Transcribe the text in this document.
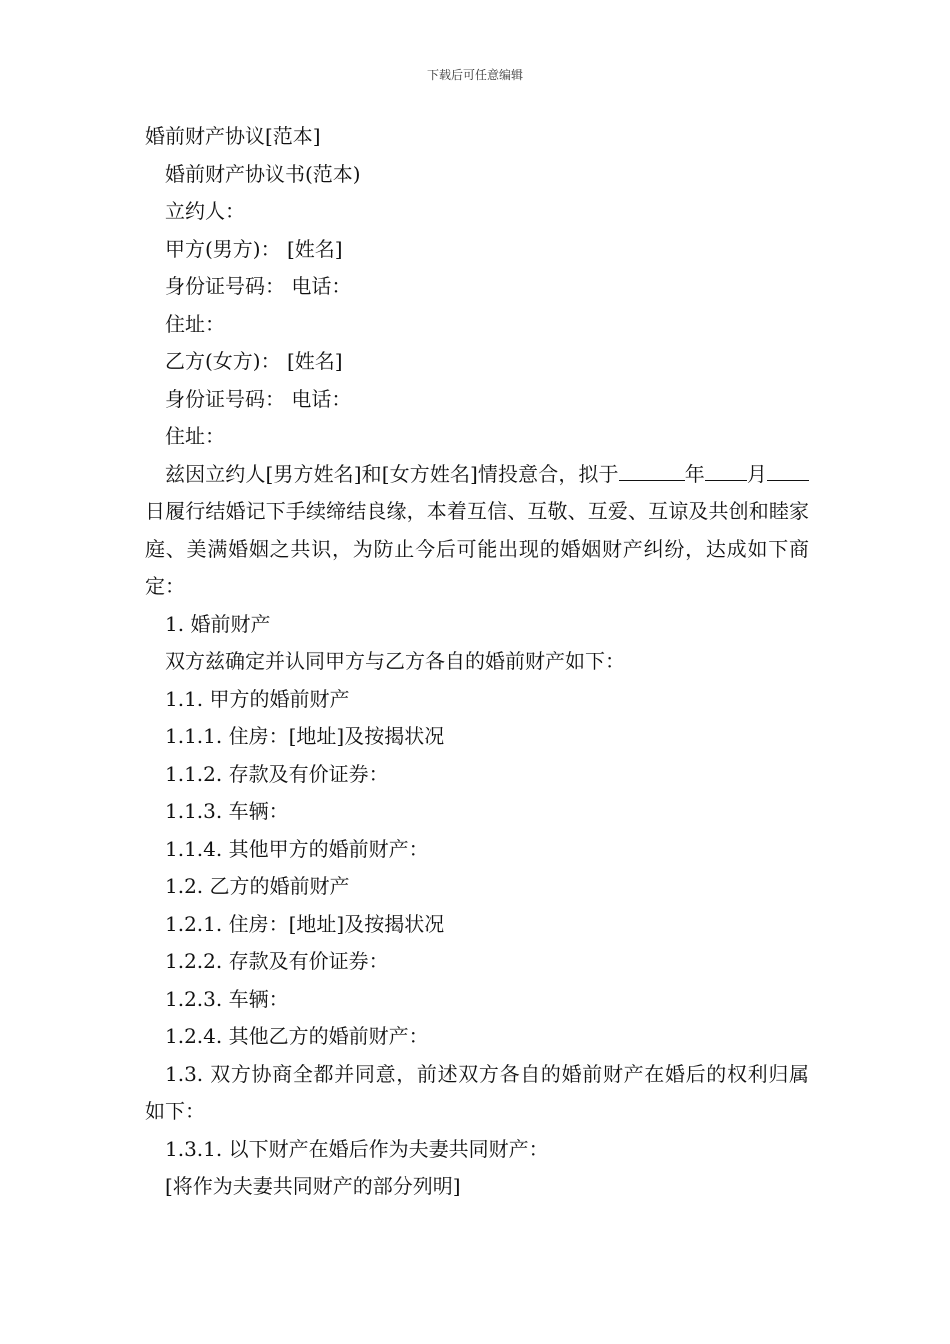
下载后可任意编辑
婚前财产协议[范本]
婚前财产协议书(范本)
立约人：
甲方(男方)： [姓名]
身份证号码： 电话：
住址：
乙方(女方)： [姓名]
身份证号码： 电话：
住址：
兹因立约人[男方姓名]和[女方姓名]情投意合，拟于	年 月日履行结婚记下手续缔结良缘，本着互信、互敬、互爱、互谅及共创和睦家庭、美满婚姻之共识，为防止今后可能出现的婚姻财产纠纷，达成如下商定：
1. 婚前财产
双方兹确定并认同甲方与乙方各自的婚前财产如下：
1.1. 甲方的婚前财产
1.1.1. 住房：[地址]及按揭状况
1.1.2. 存款及有价证券：
1.1.3. 车辆：
1.1.4. 其他甲方的婚前财产：
1.2. 乙方的婚前财产
1.2.1. 住房：[地址]及按揭状况
1.2.2. 存款及有价证券：
1.2.3. 车辆：
1.2.4. 其他乙方的婚前财产：
1.3. 双方协商全都并同意，前述双方各自的婚前财产在婚后的权利归属如下：
1.3.1. 以下财产在婚后作为夫妻共同财产：
[将作为夫妻共同财产的部分列明]
